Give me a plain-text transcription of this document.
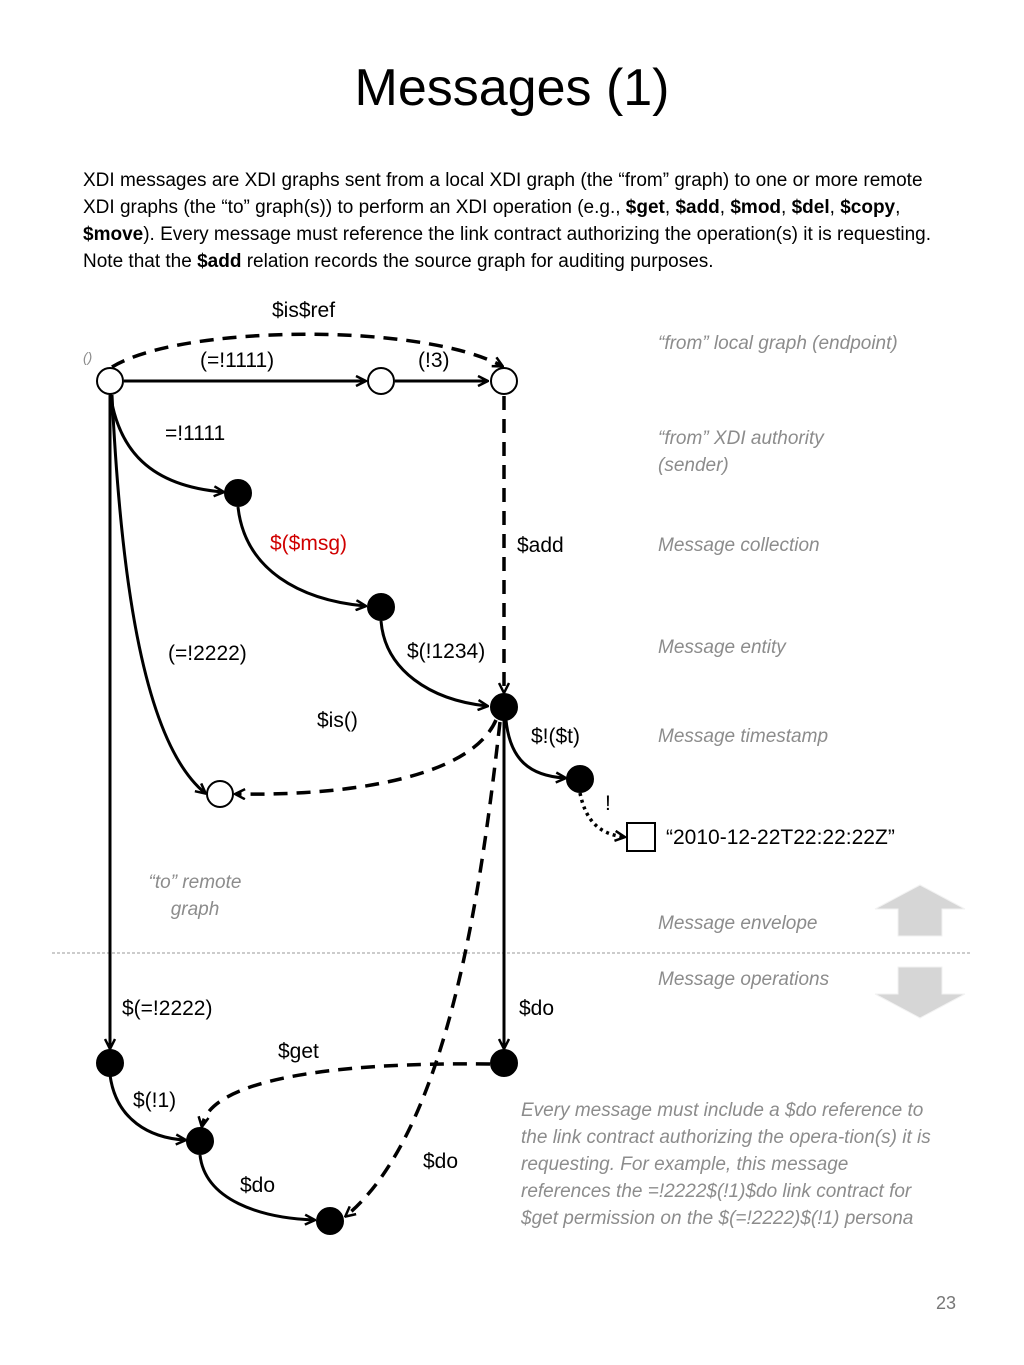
Messages (1)
XDI messages are XDI graphs sent from a local XDI graph (the “from” graph) to one or more remote XDI graphs (the “to” graph(s)) to perform an XDI operation (e.g., $get, $add, $mod, $del, $copy, $move). Every message must reference the link contract authorizing the operation(s) it is requesting. Note that the $add relation records the source graph for auditing purposes.
$is$ref
()	(=!1111)	(!3)
=!1111
$($msg)	$add
(=!2222)	$(!1234)
$is()
$!($t)
!
“2010-12-22T22:22:22Z”
$(=!2222)	$do
$get
$(!1)
$do
$do
“from” local graph (endpoint)
“from” XDI authority (sender)
Message collection
Message entity
Message timestamp
“to” remote graph
Message envelope
Message operations
Every message must include a $do reference to the link contract authorizing the opera-tion(s) it is requesting. For example, this message references the =!2222$(!1)$do link contract for $get permission on the $(=!2222)$(!1) persona
23
